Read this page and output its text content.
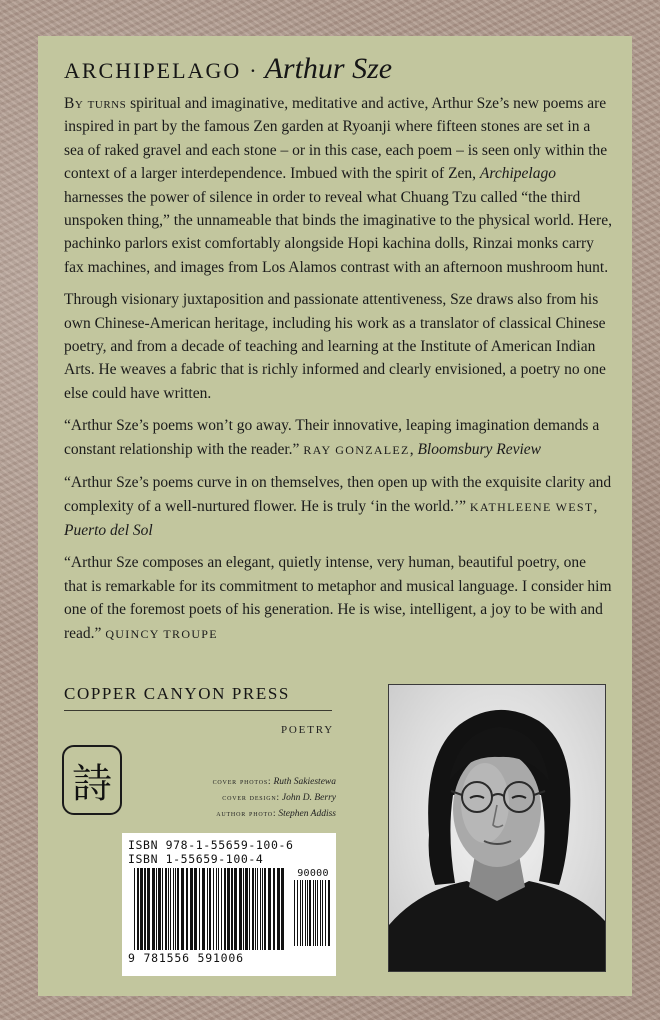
ARCHIPELAGO · Arthur Sze

By turns spiritual and imaginative, meditative and active, Arthur Sze’s new poems are inspired in part by the famous Zen garden at Ryoanji where fifteen stones are set in a sea of raked gravel and each stone – or in this case, each poem – is seen only within the context of a larger interdependence. Imbued with the spirit of Zen, Archipelago harnesses the power of silence in order to reveal what Chuang Tzu called “the third unspoken thing,” the unnameable that binds the imaginative to the physical world. Here, pachinko parlors exist comfortably alongside Hopi kachina dolls, Rinzai monks carry fax machines, and images from Los Alamos contrast with an afternoon mushroom hunt.

Through visionary juxtaposition and passionate attentiveness, Sze draws also from his own Chinese-American heritage, including his work as a translator of classical Chinese poetry, and from a decade of teaching and learning at the Institute of American Indian Arts. He weaves a fabric that is richly informed and clearly envisioned, a poetry no one else could have written.

“Arthur Sze’s poems won’t go away. Their innovative, leaping imagination demands a constant relationship with the reader.” RAY GONZALEZ, Bloomsbury Review

“Arthur Sze’s poems curve in on themselves, then open up with the exquisite clarity and complexity of a well-nurtured flower. He is truly ‘in the world.’” KATHLEENE WEST, Puerto del Sol

“Arthur Sze composes an elegant, quietly intense, very human, beautiful poetry, one that is remarkable for its commitment to metaphor and musical language. I consider him one of the foremost poets of his generation. He is wise, intelligent, a joy to be with and read.” QUINCY TROUPE

COPPER CANYON PRESS
POETRY
詩	cover photos: Ruth Sakiestewa
cover design: John D. Berry
author photo: Stephen Addiss
ISBN 978-1-55659-100-6
ISBN 1-55659-100-4
90000
9 781556 591006
